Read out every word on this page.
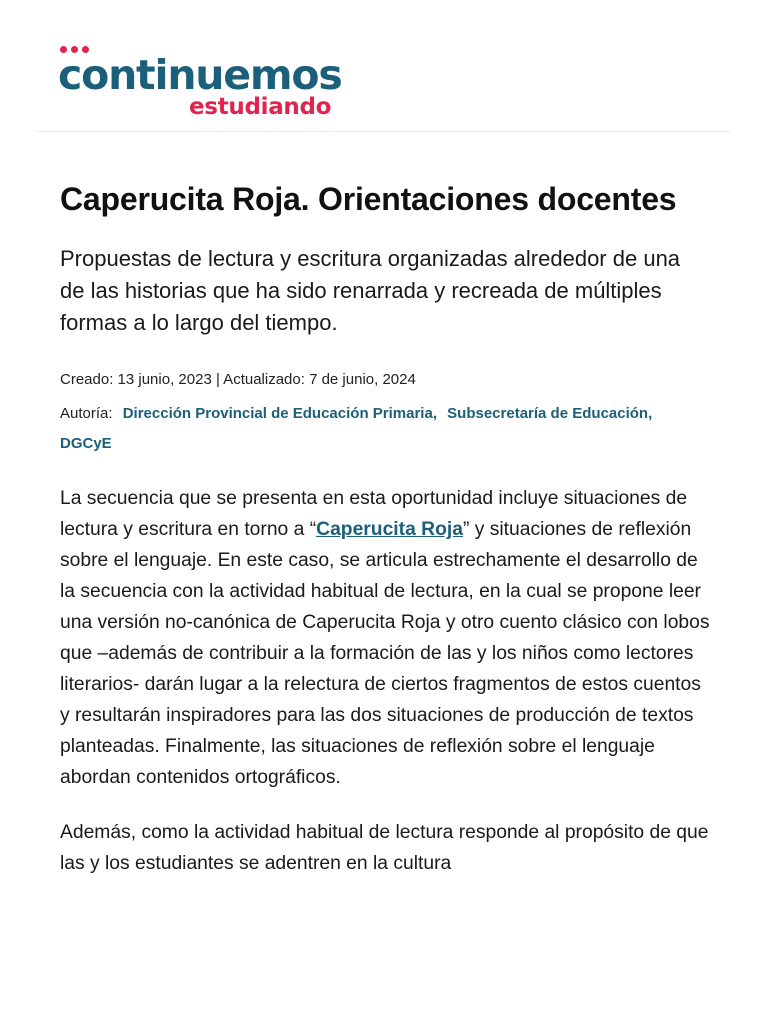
continuemos
estudiando
Caperucita Roja. Orientaciones docentes

Propuestas de lectura y escritura organizadas alrededor de una de las historias que ha sido renarrada y recreada de múltiples formas a lo largo del tiempo.

Creado: 13 junio, 2023 | Actualizado: 7 de junio, 2024

Autoría: Dirección Provincial de Educación Primaria, Subsecretaría de Educación, DGCyE

La secuencia que se presenta en esta oportunidad incluye situaciones de lectura y escritura en torno a “Caperucita Roja” y situaciones de reflexión sobre el lenguaje. En este caso, se articula estrechamente el desarrollo de la secuencia con la actividad habitual de lectura, en la cual se propone leer una versión no-canónica de Caperucita Roja y otro cuento clásico con lobos que –además de contribuir a la formación de las y los niños como lectores literarios- darán lugar a la relectura de ciertos fragmentos de estos cuentos y resultarán inspiradores para las dos situaciones de producción de textos planteadas. Finalmente, las situaciones de reflexión sobre el lenguaje abordan contenidos ortográficos.

Además, como la actividad habitual de lectura responde al propósito de que las y los estudiantes se adentren en la cultura
